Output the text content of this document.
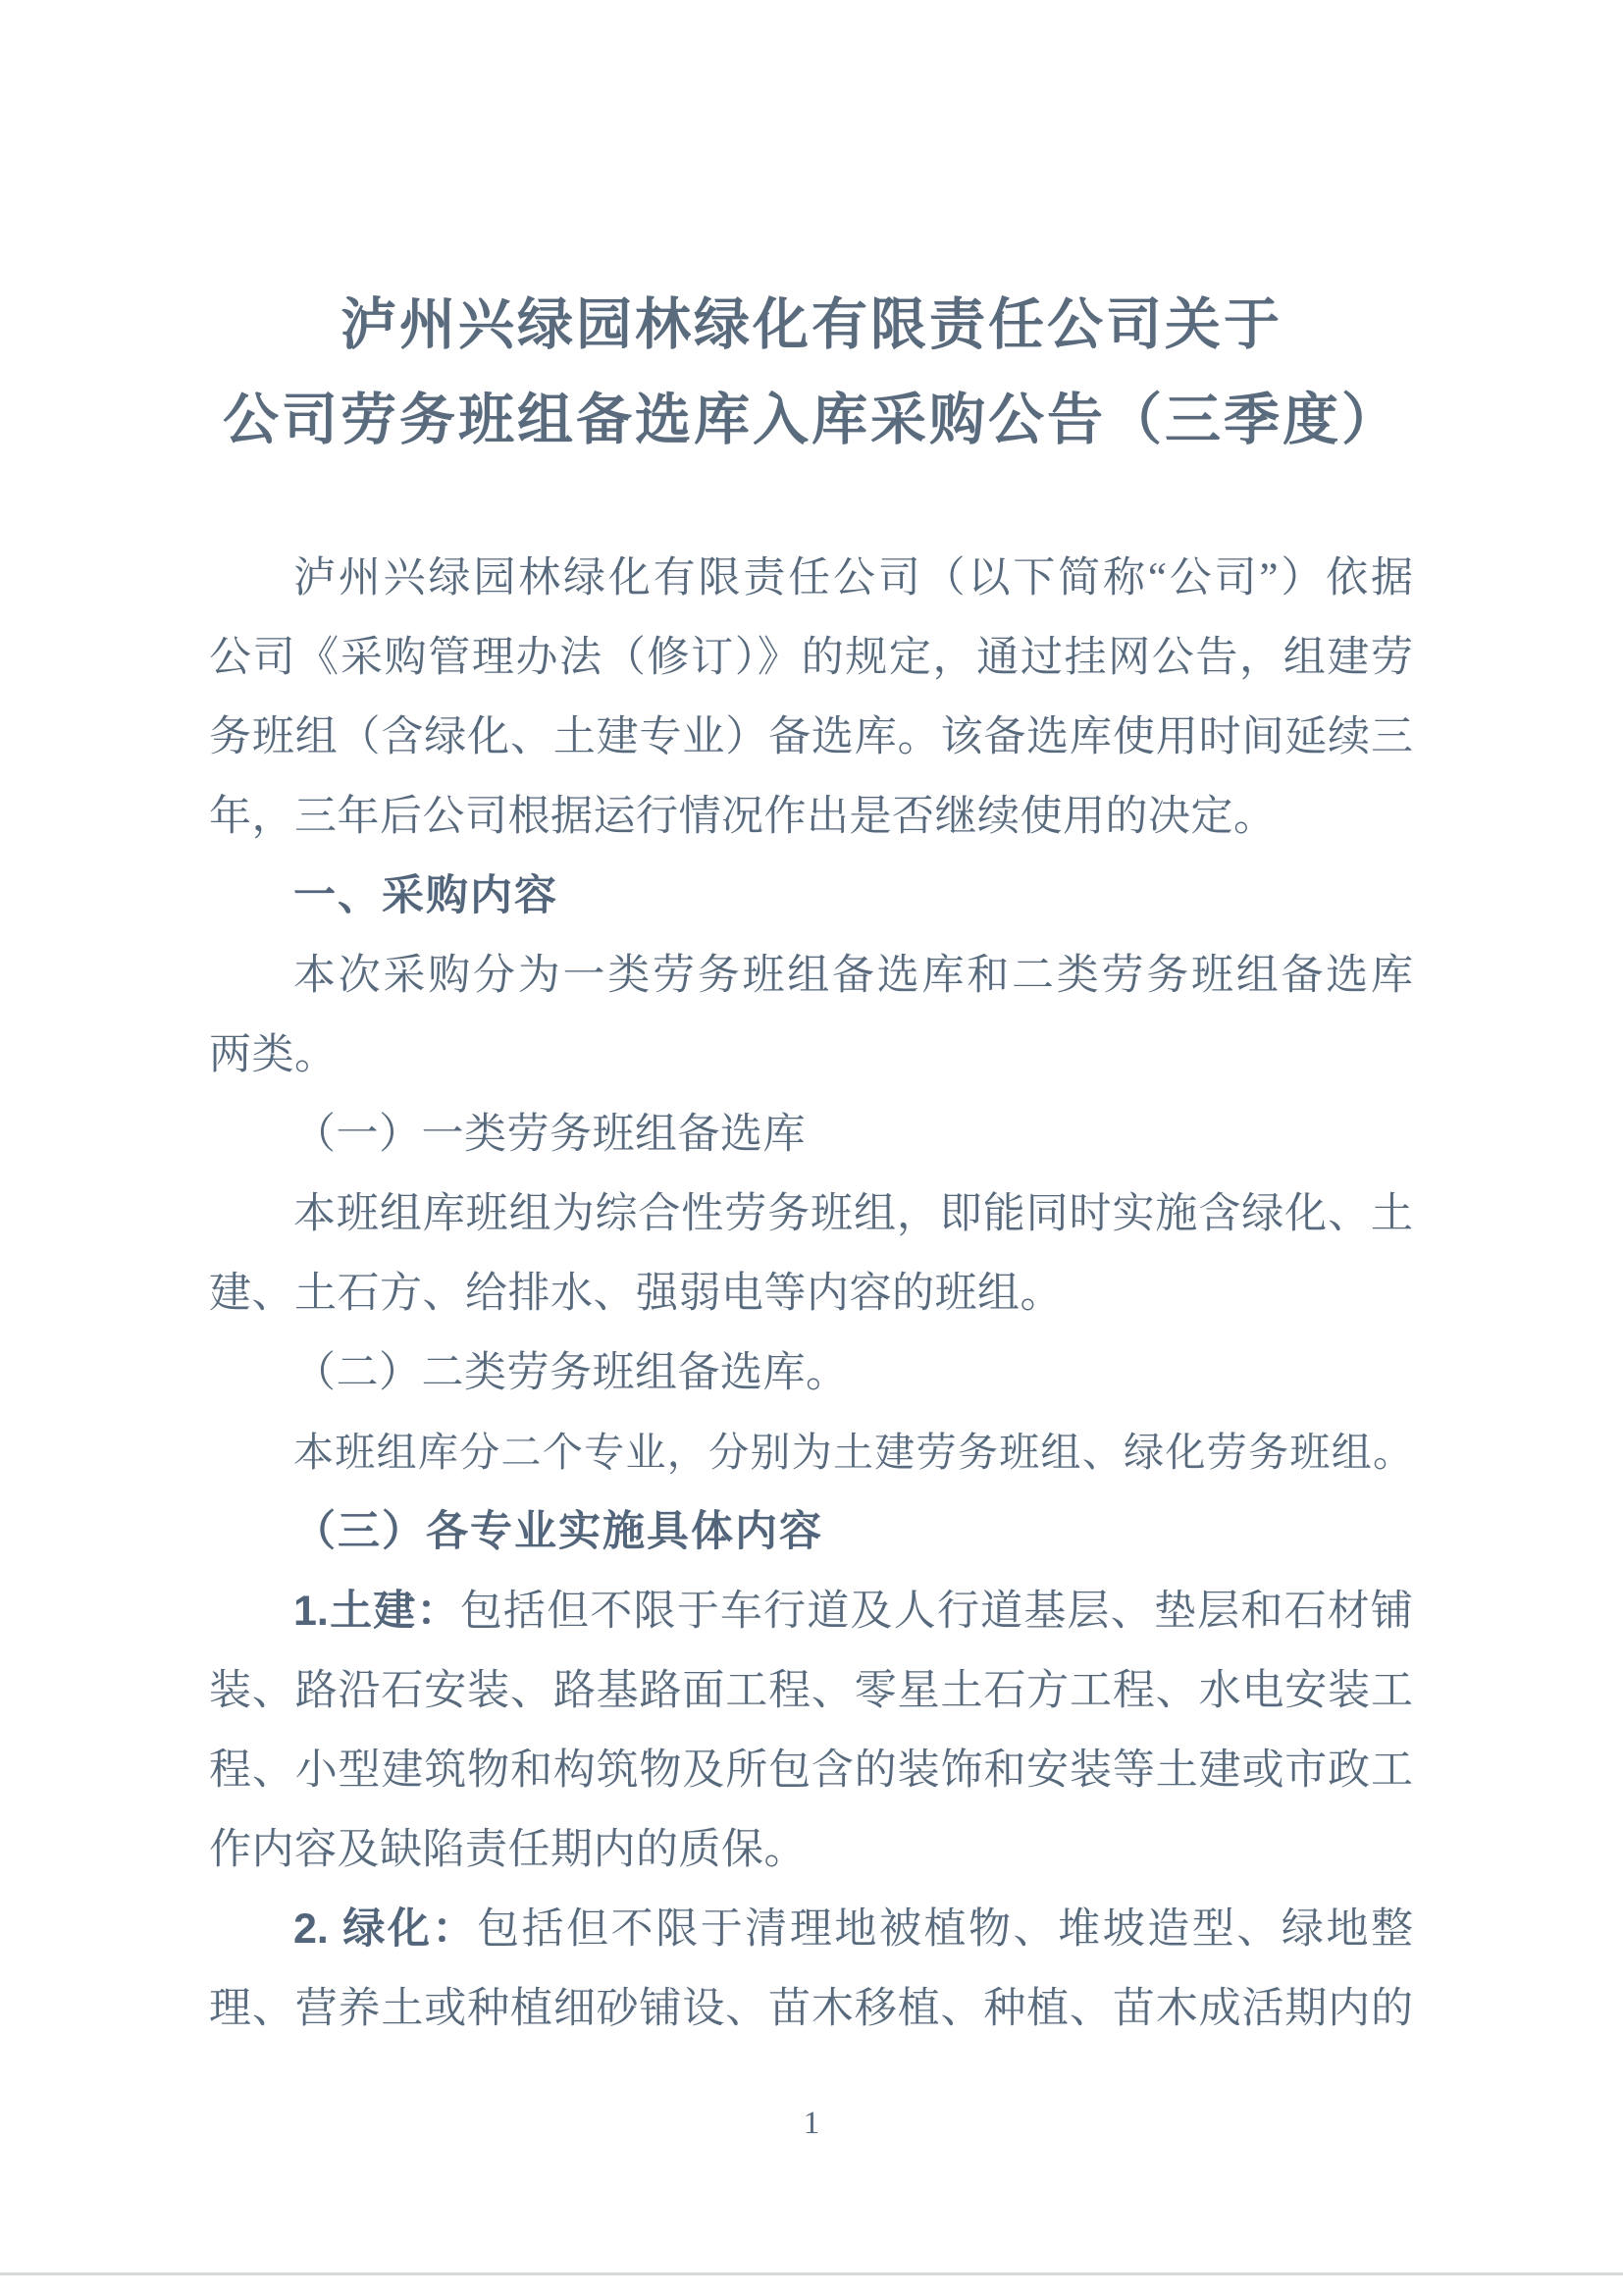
泸州兴绿园林绿化有限责任公司关于
公司劳务班组备选库入库采购公告（三季度）
泸州兴绿园林绿化有限责任公司（以下简称“公司”）依据
公司《采购管理办法（修订）》的规定，通过挂网公告，组建劳
务班组（含绿化、土建专业）备选库。该备选库使用时间延续三
年，三年后公司根据运行情况作出是否继续使用的决定。
一、采购内容
本次采购分为一类劳务班组备选库和二类劳务班组备选库
两类。
（一）一类劳务班组备选库
本班组库班组为综合性劳务班组，即能同时实施含绿化、土
建、土石方、给排水、强弱电等内容的班组。
（二）二类劳务班组备选库。
本班组库分二个专业，分别为土建劳务班组、绿化劳务班组。
（三）各专业实施具体内容
1.土建：包括但不限于车行道及人行道基层、垫层和石材铺
装、路沿石安装、路基路面工程、零星土石方工程、水电安装工
程、小型建筑物和构筑物及所包含的装饰和安装等土建或市政工
作内容及缺陷责任期内的质保。
2. 绿化：包括但不限于清理地被植物、堆坡造型、绿地整
理、营养土或种植细砂铺设、苗木移植、种植、苗木成活期内的
1
